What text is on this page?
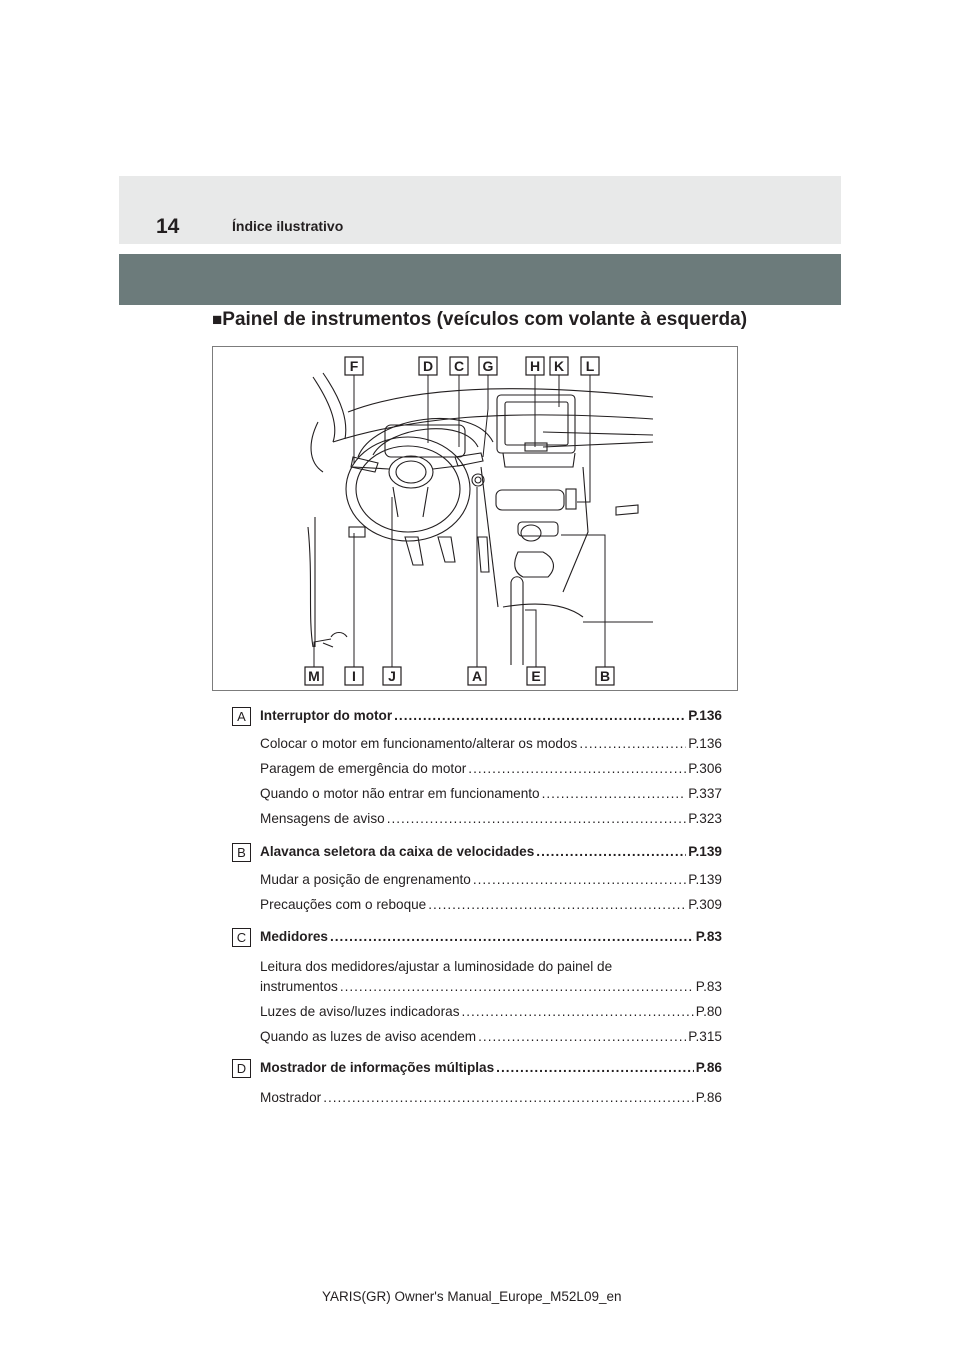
14	Índice ilustrativo
■Painel de instrumentos (veículos com volante à esquerda)
F	D C G	H K L
M I J	A	E	B
A	Interruptor do motor .....	P.136
Colocar o motor em funcionamento/alterar os modos .....	P.136
Paragem de emergência do motor .....	P.306
Quando o motor não entrar em funcionamento .....	P.337
Mensagens de aviso .....	P.323
B	Alavanca seletora da caixa de velocidades .....	P.139
Mudar a posição de engrenamento .....	P.139
Precauções com o reboque .....	P.309
C	Medidores .....	P.83
Leitura dos medidores/ajustar a luminosidade do painel de
instrumentos .....	P.83
Luzes de aviso/luzes indicadoras .....	P.80
Quando as luzes de aviso acendem .....	P.315
D	Mostrador de informações múltiplas .....	P.86
Mostrador .....	P.86
YARIS(GR) Owner's Manual_Europe_M52L09_en
